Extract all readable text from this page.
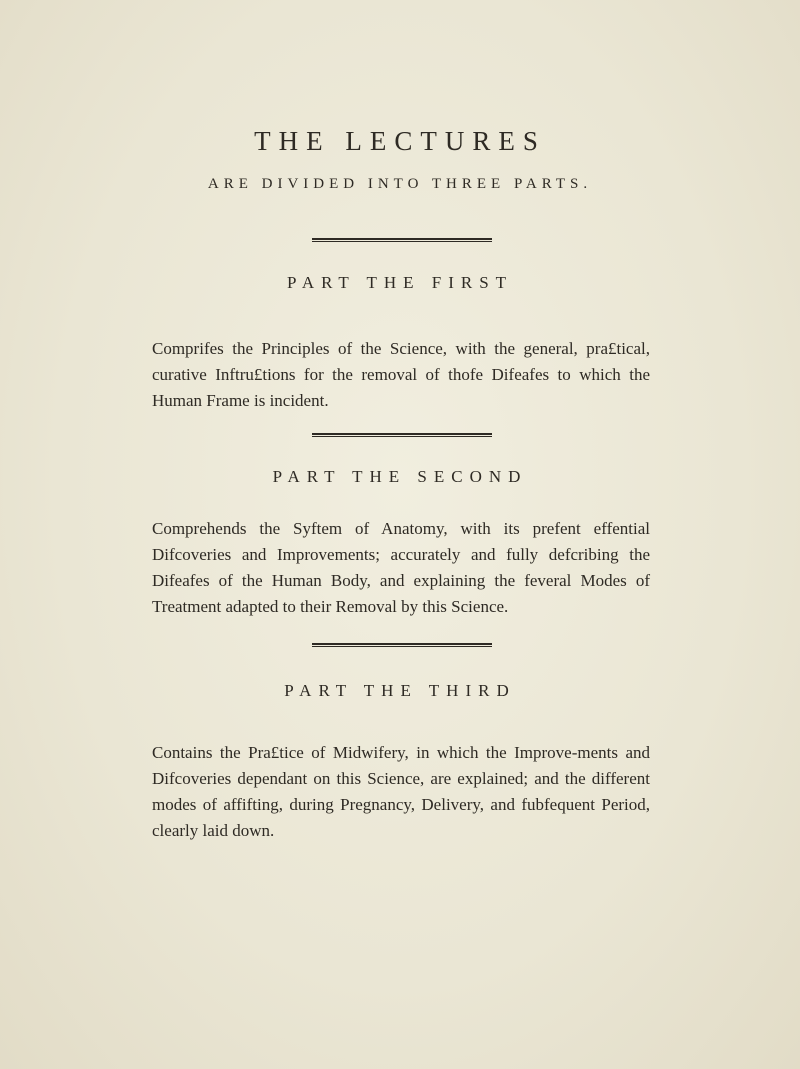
THE LECTURES

ARE DIVIDED INTO THREE PARTS.

PART THE FIRST

Comprifes the Principles of the Science, with the general, pra£tical, curative Inftru£tions for the removal of thofe Difeafes to which the Human Frame is incident.

PART THE SECOND

Comprehends the Syftem of Anatomy, with its prefent effential Difcoveries and Improvements; accurately and fully defcribing the Difeafes of the Human Body, and explaining the feveral Modes of Treatment adapted to their Removal by this Science.

PART THE THIRD

Contains the Pra£tice of Midwifery, in which the Improve-ments and Difcoveries dependant on this Science, are explained; and the different modes of affifting, during Pregnancy, Delivery, and fubfequent Period, clearly laid down.
